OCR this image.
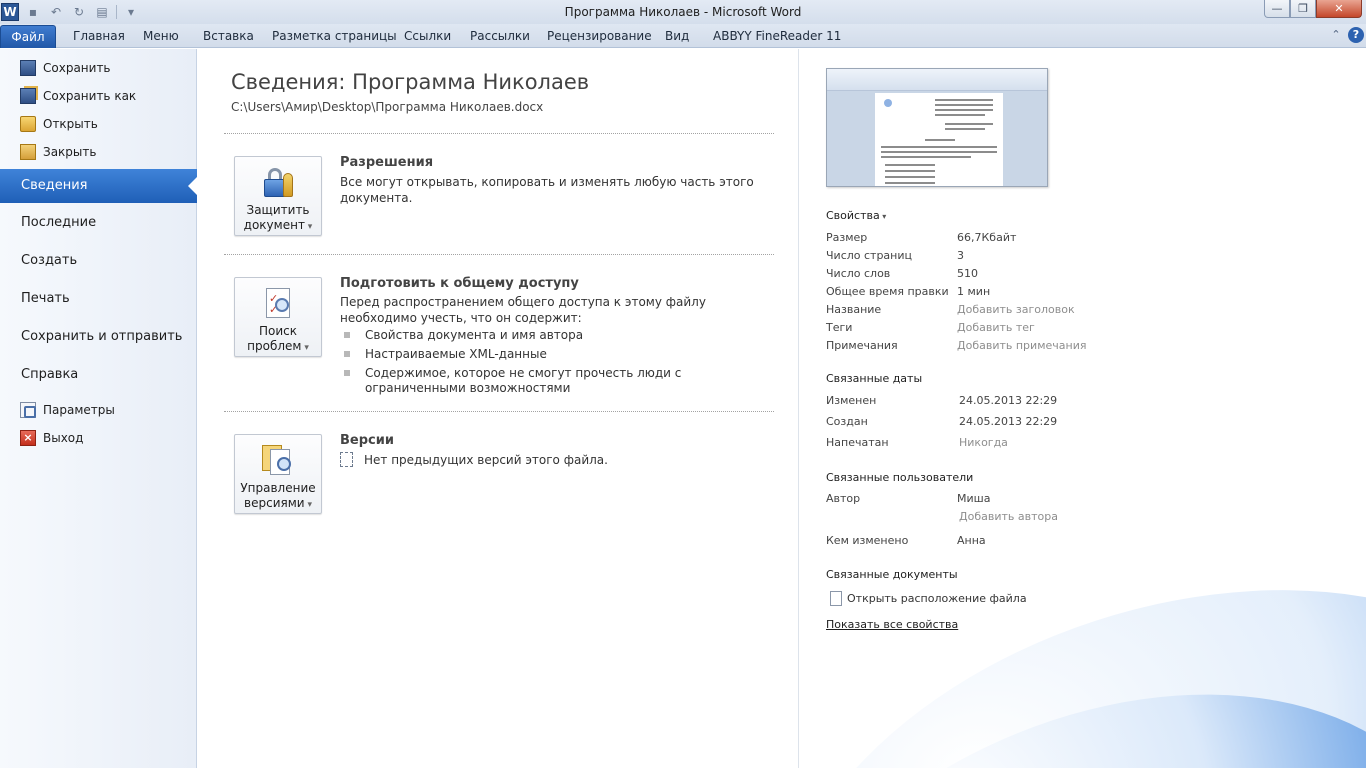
W	▪	↶	↻	▤	▾	Программа Николаев - Microsoft Word	—	❐	✕
Файл	Главная Меню Вставка Разметка страницы Ссылки Рассылки Рецензирование Вид ABBYY FineReader 11	⌃	?
Сохранить
Сохранить как
Открыть
Закрыть
Сведения
Последние
Создать
Печать
Сохранить и отправить
Справка
Параметры
× Выход
Сведения: Программа Николаев
C:\Users\Амир\Desktop\Программа Николаев.docx
Защитить
документ ▾
Разрешения
Все могут открывать, копировать и изменять любую часть этого документа.
✓ ✓
Поиск
проблем ▾
Подготовить к общему доступу
Перед распространением общего доступа к этому файлу необходимо учесть, что он содержит:
Свойства документа и имя автора
Настраиваемые XML-данные
Содержимое, которое не смогут прочесть люди с ограниченными возможностями
Управление
версиями ▾
Версии
Нет предыдущих версий этого файла.
Свойства ▾
Размер	66,7Кбайт
Число страниц	3
Число слов	510
Общее время правки 1 мин
Название	Добавить заголовок
Теги	Добавить тег
Примечания	Добавить примечания
Связанные даты
Изменен	24.05.2013 22:29
Создан	24.05.2013 22:29
Напечатан	Никогда
Связанные пользователи
Автор	Миша
Добавить автора
Кем изменено	Анна
Связанные документы
Открыть расположение файла
Показать все свойства
